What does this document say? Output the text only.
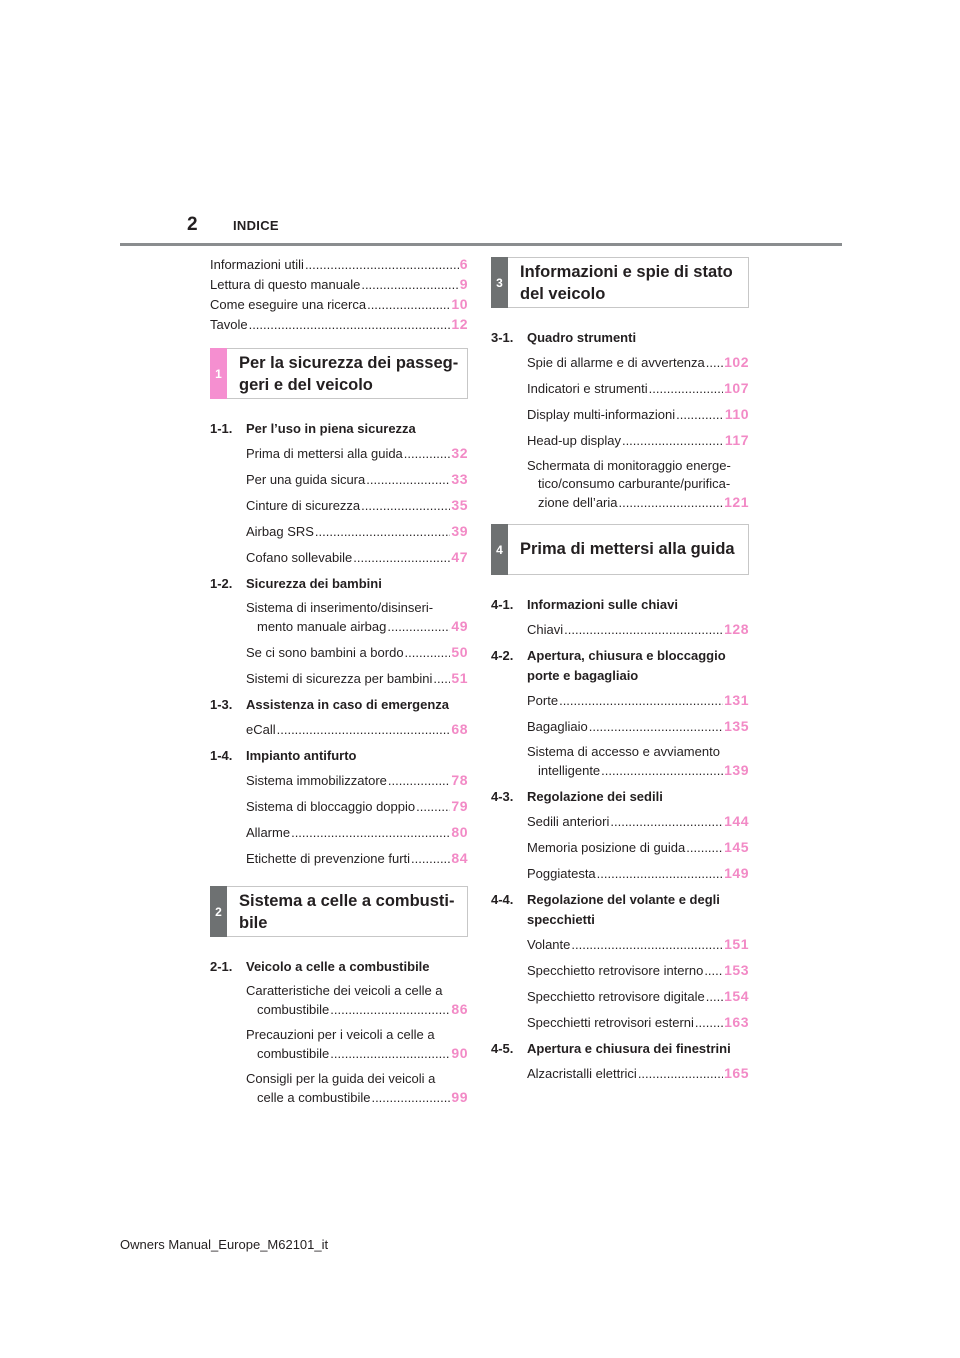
2	INDICE
Informazioni utili .....	6
Lettura di questo manuale .....	9
Come eseguire una ricerca .....	10
Tavole .....	12
1
Per la sicurezza dei passeg-
geri e del veicolo
1-1.	Per l’uso in piena sicurezza
Prima di mettersi alla guida .....	32
Per una guida sicura .....	33
Cinture di sicurezza .....	35
Airbag SRS .....	39
Cofano sollevabile .....	47
1-2.	Sicurezza dei bambini
Sistema di inserimento/disinseri-
mento manuale airbag .....	49
Se ci sono bambini a bordo .....	50
Sistemi di sicurezza per bambini ..... 51
1-3.	Assistenza in caso di emergenza
eCall .....	68
1-4.	Impianto antifurto
Sistema immobilizzatore .....	78
Sistema di bloccaggio doppio .....	79
Allarme .....	80
Etichette di prevenzione furti .....	84
2
Sistema a celle a combusti-
bile
2-1.	Veicolo a celle a combustibile
Caratteristiche dei veicoli a celle a
combustibile .....	86
Precauzioni per i veicoli a celle a
combustibile .....	90
Consigli per la guida dei veicoli a
celle a combustibile .....	99
3
Informazioni e spie di stato
del veicolo
3-1.	Quadro strumenti
Spie di allarme e di avvertenza ..... 102
Indicatori e strumenti .....	107
Display multi-informazioni .....	110
Head-up display .....	117
Schermata di monitoraggio energe-
tico/consumo carburante/purifica-
zione dell’aria .....	121
4	Prima di mettersi alla guida
4-1.	Informazioni sulle chiavi
Chiavi .....	128
4-2.	Apertura, chiusura e bloccaggio
porte e bagagliaio
Porte .....	131
Bagagliaio .....	135
Sistema di accesso e avviamento
intelligente .....	139
4-3.	Regolazione dei sedili
Sedili anteriori .....	144
Memoria posizione di guida .....	145
Poggiatesta .....	149
4-4.	Regolazione del volante e degli
specchietti
Volante .....	151
Specchietto retrovisore interno ..... 153
Specchietto retrovisore digitale ..... 154
Specchietti retrovisori esterni ..... 163
4-5.	Apertura e chiusura dei finestrini
Alzacristalli elettrici .....	165
Owners Manual_Europe_M62101_it
